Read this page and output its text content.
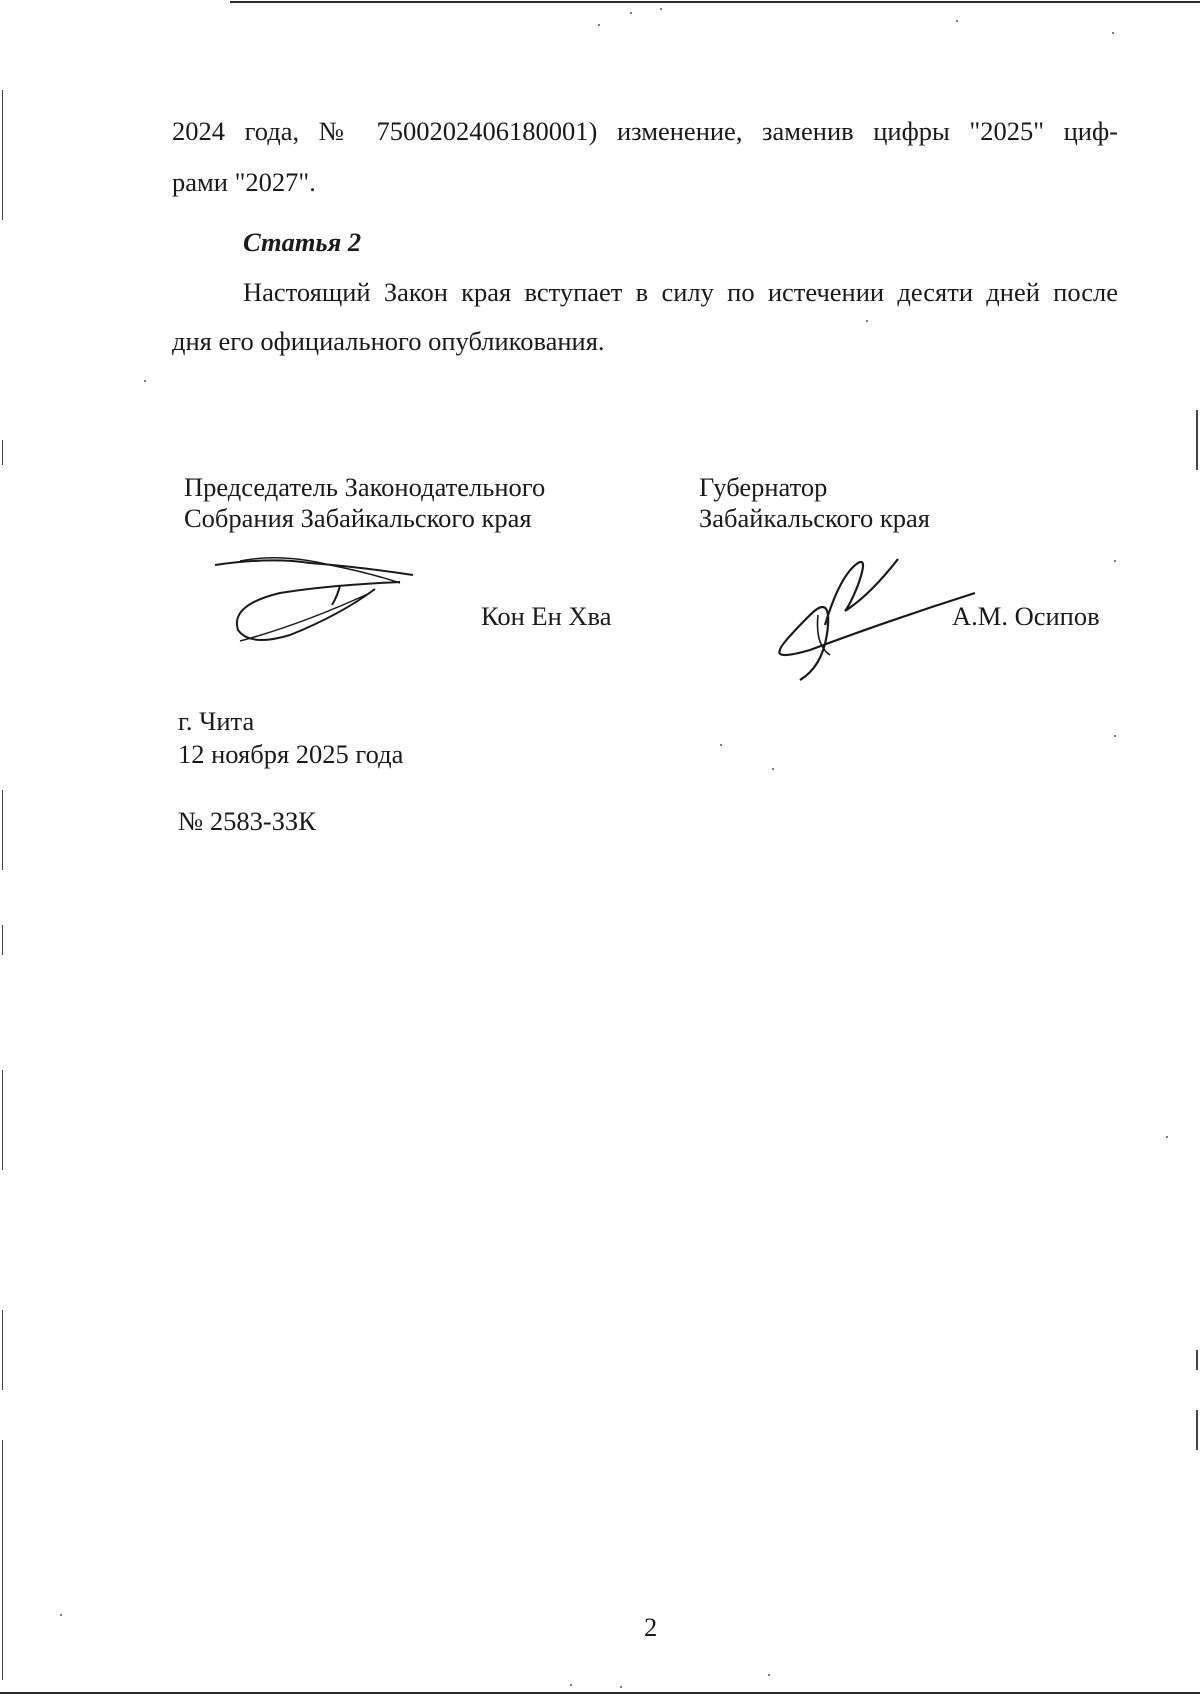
2024 года, № 7500202406180001) изменение, заменив цифры "2025" циф-
рами "2027".
Статья 2
Настоящий Закон края вступает в силу по истечении десяти дней после
дня его официального опубликования.
Председатель Законодательного
Собрания Забайкальского края
Кон Ен Хва
Губернатор
Забайкальского края
А.М. Осипов
г. Чита
12 ноября 2025 года
№ 2583-ЗЗК
2
